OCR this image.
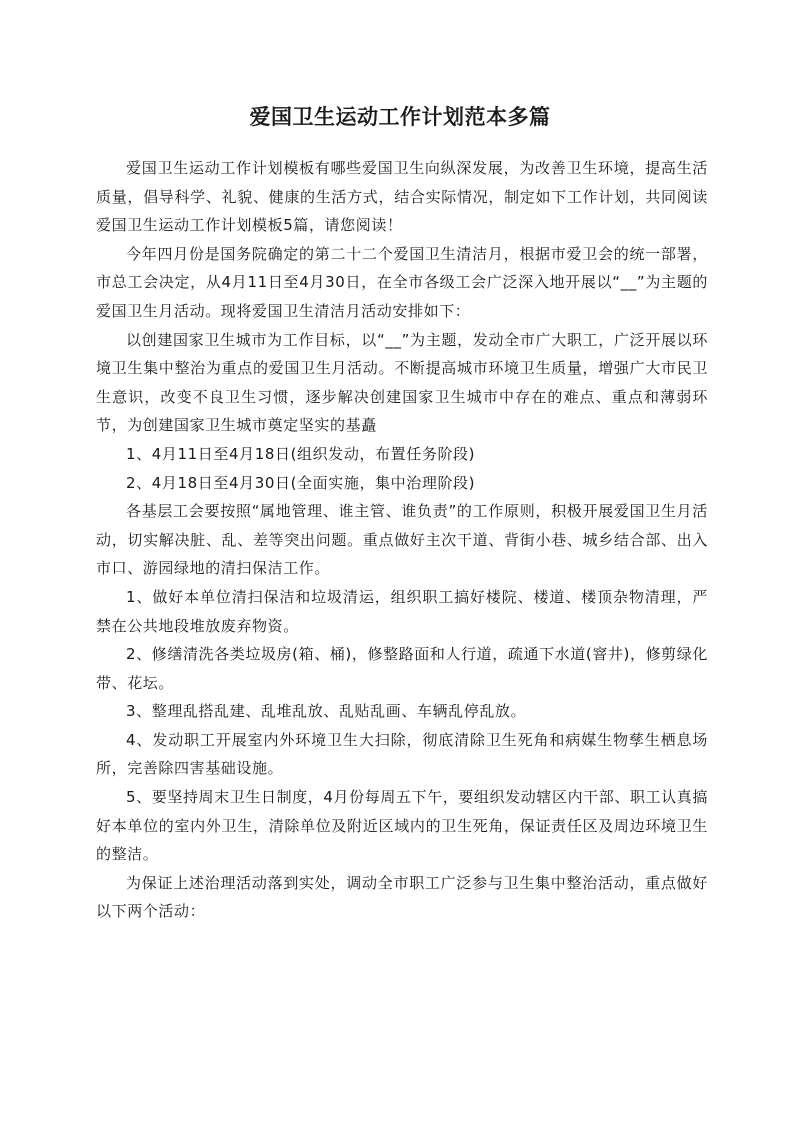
爱国卫生运动工作计划范本多篇

爱国卫生运动工作计划模板有哪些爱国卫生向纵深发展，为改善卫生环境，提高生活质量，倡导科学、礼貌、健康的生活方式，结合实际情况，制定如下工作计划，共同阅读爱国卫生运动工作计划模板5篇，请您阅读！

今年四月份是国务院确定的第二十二个爱国卫生清洁月，根据市爱卫会的统一部署，市总工会决定，从4月11日至4月30日，在全市各级工会广泛深入地开展以“__”为主题的爱国卫生月活动。现将爱国卫生清洁月活动安排如下：

以创建国家卫生城市为工作目标，以“__”为主题，发动全市广大职工，广泛开展以环境卫生集中整治为重点的爱国卫生月活动。不断提高城市环境卫生质量，增强广大市民卫生意识，改变不良卫生习惯，逐步解决创建国家卫生城市中存在的难点、重点和薄弱环节，为创建国家卫生城市奠定坚实的基矗

1、4月11日至4月18日(组织发动，布置任务阶段)

2、4月18日至4月30日(全面实施，集中治理阶段)

各基层工会要按照“属地管理、谁主管、谁负责”的工作原则，积极开展爱国卫生月活动，切实解决脏、乱、差等突出问题。重点做好主次干道、背街小巷、城乡结合部、出入市口、游园绿地的清扫保洁工作。

1、做好本单位清扫保洁和垃圾清运，组织职工搞好楼院、楼道、楼顶杂物清理，严禁在公共地段堆放废弃物资。

2、修缮清洗各类垃圾房(箱、桶)，修整路面和人行道，疏通下水道(窨井)，修剪绿化带、花坛。

3、整理乱搭乱建、乱堆乱放、乱贴乱画、车辆乱停乱放。

4、发动职工开展室内外环境卫生大扫除，彻底清除卫生死角和病媒生物孳生栖息场所，完善除四害基础设施。

5、要坚持周末卫生日制度，4月份每周五下午，要组织发动辖区内干部、职工认真搞好本单位的室内外卫生，清除单位及附近区域内的卫生死角，保证责任区及周边环境卫生的整洁。

为保证上述治理活动落到实处，调动全市职工广泛参与卫生集中整治活动，重点做好以下两个活动：
